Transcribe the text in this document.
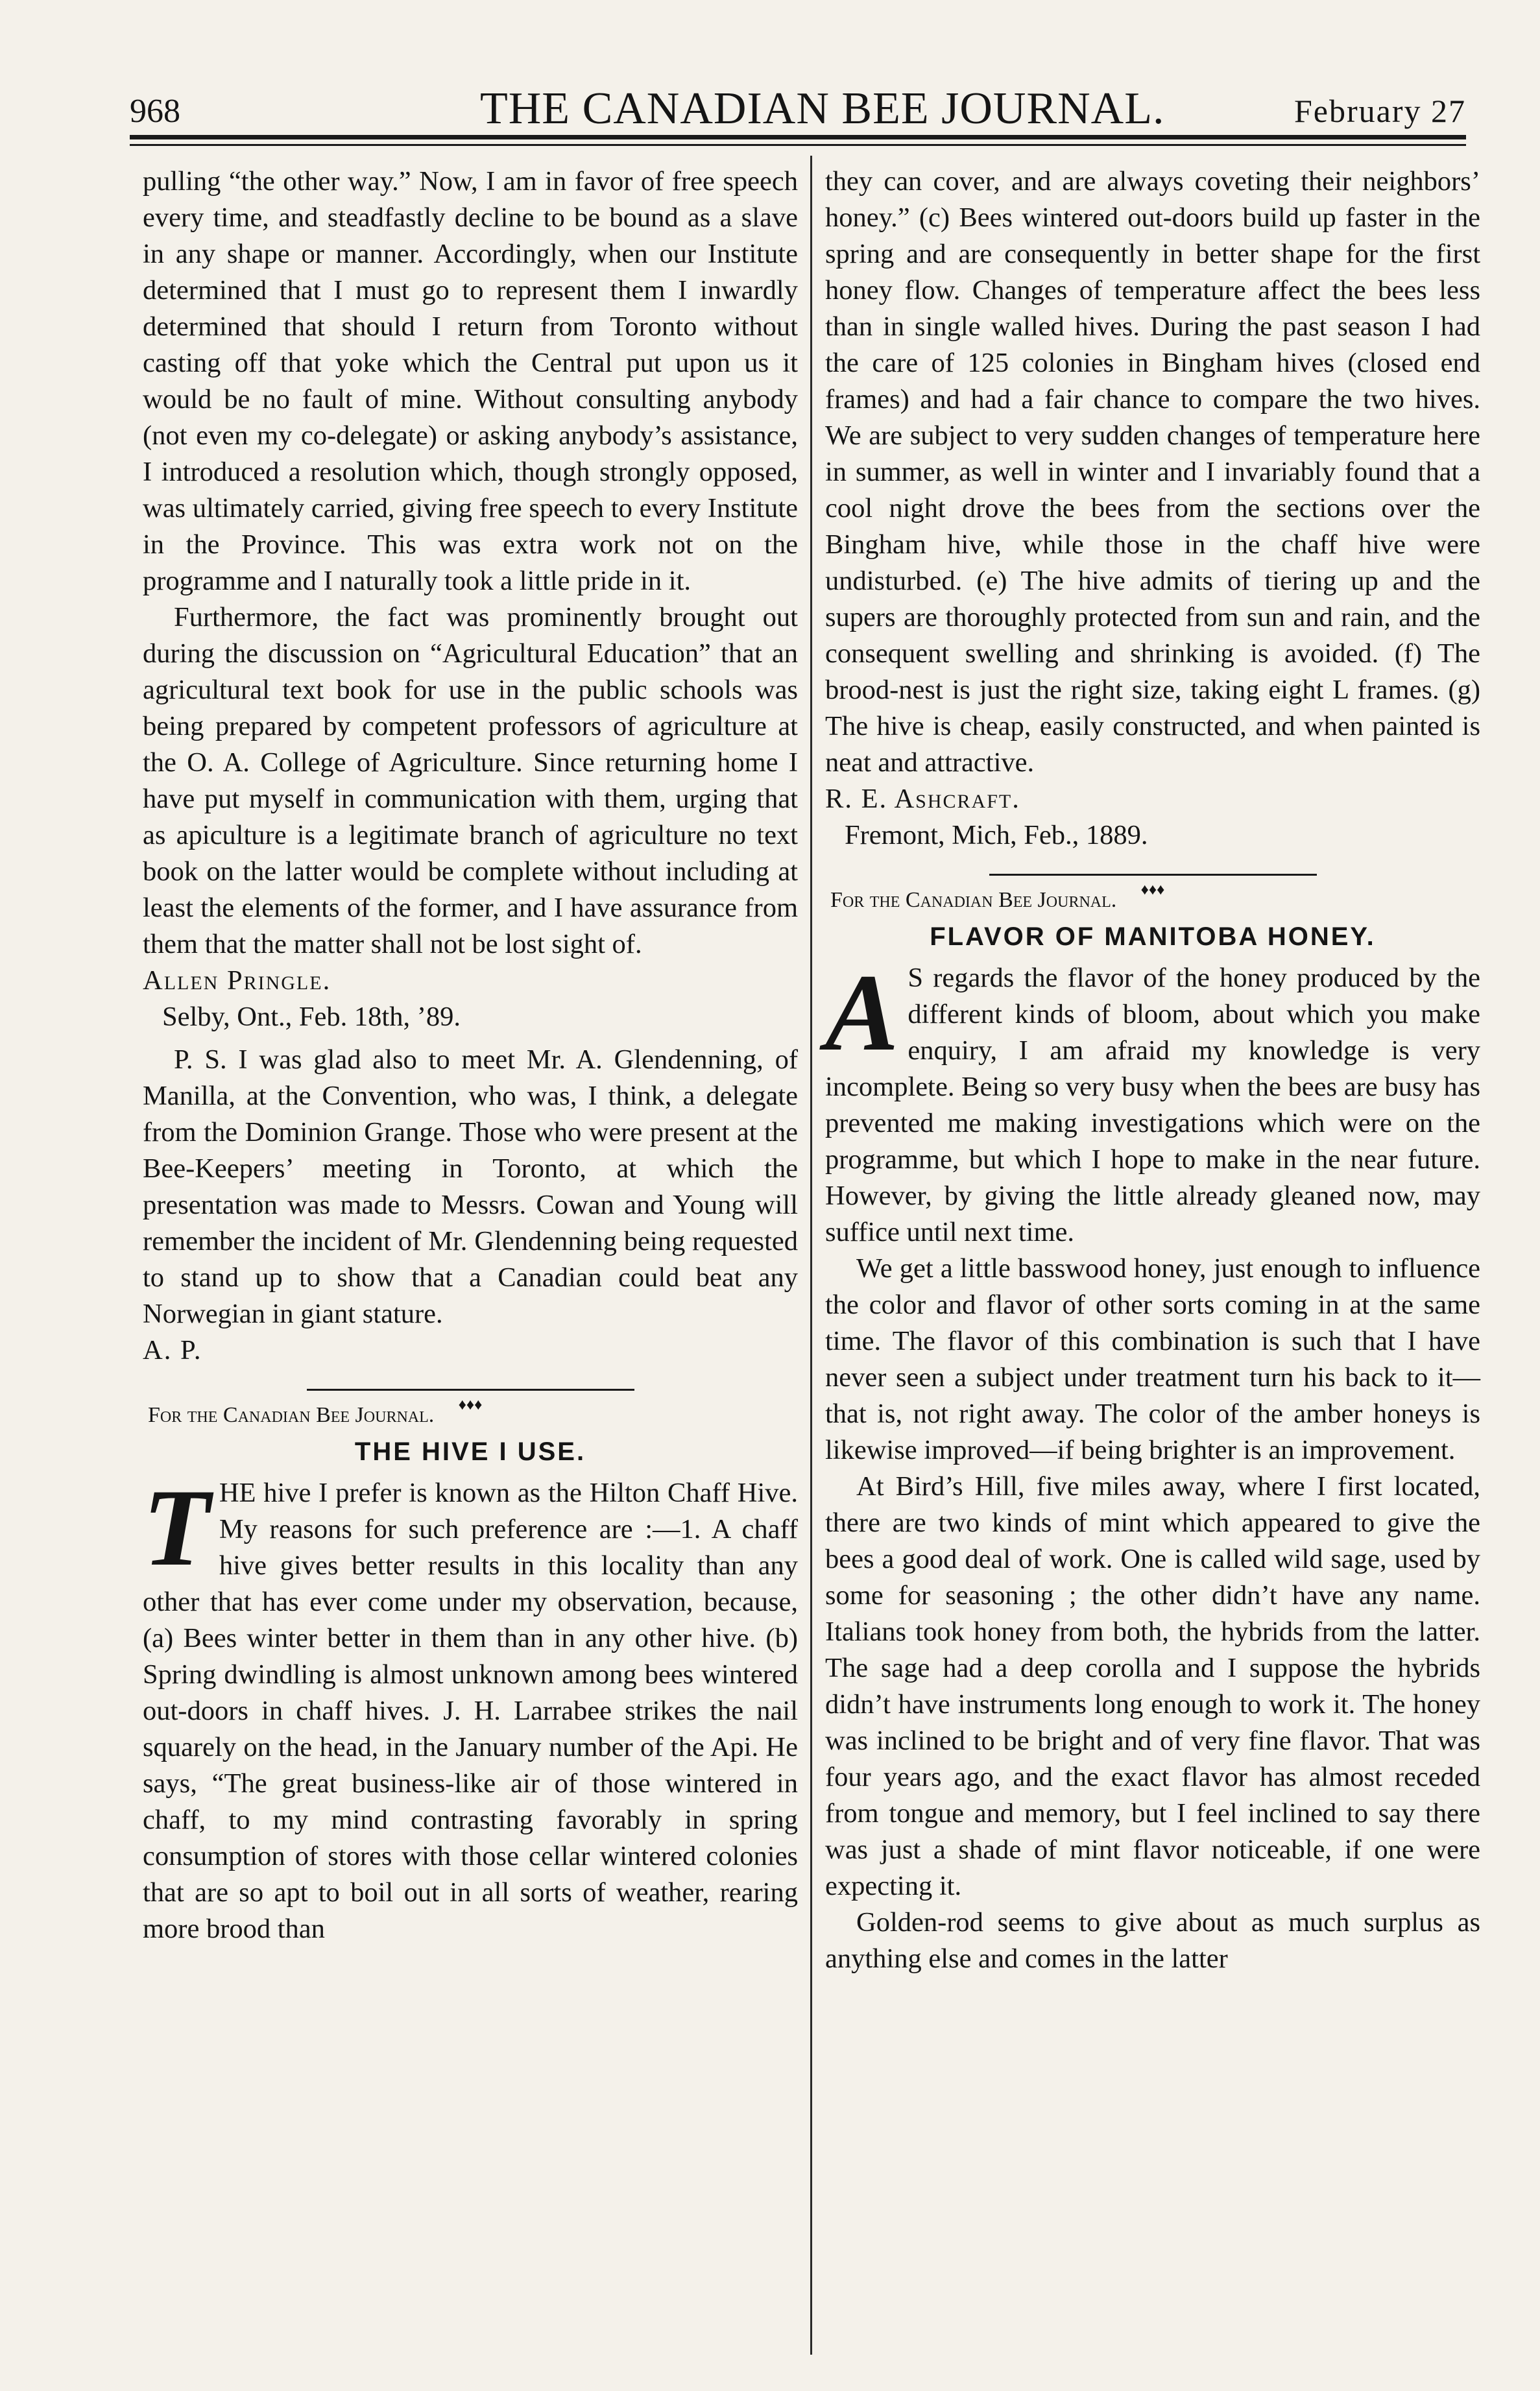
968	THE CANADIAN BEE JOURNAL.	February 27

pulling “the other way.” Now, I am in favor of free speech every time, and steadfastly decline to be bound as a slave in any shape or manner. Accordingly, when our Institute determined that I must go to represent them I inwardly determined that should I return from Toronto without casting off that yoke which the Central put upon us it would be no fault of mine. Without consulting anybody (not even my co-delegate) or asking anybody’s assistance, I introduced a resolution which, though strongly opposed, was ultimately carried, giving free speech to every Institute in the Province. This was extra work not on the programme and I naturally took a little pride in it.

Furthermore, the fact was prominently brought out during the discussion on “Agricultural Education” that an agricultural text book for use in the public schools was being prepared by competent professors of agriculture at the O. A. College of Agriculture. Since returning home I have put myself in communication with them, urging that as apiculture is a legitimate branch of agriculture no text book on the latter would be complete without including at least the elements of the former, and I have assurance from them that the matter shall not be lost sight of.

Allen Pringle.

Selby, Ont., Feb. 18th, ’89.

P. S. I was glad also to meet Mr. A. Glendenning, of Manilla, at the Convention, who was, I think, a delegate from the Dominion Grange. Those who were present at the Bee-Keepers’ meeting in Toronto, at which the presentation was made to Messrs. Cowan and Young will remember the incident of Mr. Glendenning being requested to stand up to show that a Canadian could beat any Norwegian in giant stature.

A. P.

♦♦♦

For the Canadian Bee Journal.

THE HIVE I USE.

THE hive I prefer is known as the Hilton Chaff Hive. My reasons for such preference are :—1. A chaff hive gives better results in this locality than any other that has ever come under my observation, because, (a) Bees winter better in them than in any other hive. (b) Spring dwindling is almost unknown among bees wintered out-doors in chaff hives. J. H. Larrabee strikes the nail squarely on the head, in the January number of the Api. He says, “The great business-like air of those wintered in chaff, to my mind contrasting favorably in spring consumption of stores with those cellar wintered colonies that are so apt to boil out in all sorts of weather, rearing more brood than

they can cover, and are always coveting their neighbors’ honey.” (c) Bees wintered out-doors build up faster in the spring and are consequently in better shape for the first honey flow. Changes of temperature affect the bees less than in single walled hives. During the past season I had the care of 125 colonies in Bingham hives (closed end frames) and had a fair chance to compare the two hives. We are subject to very sudden changes of temperature here in summer, as well in winter and I invariably found that a cool night drove the bees from the sections over the Bingham hive, while those in the chaff hive were undisturbed. (e) The hive admits of tiering up and the supers are thoroughly protected from sun and rain, and the consequent swelling and shrinking is avoided. (f) The brood-nest is just the right size, taking eight L frames. (g) The hive is cheap, easily constructed, and when painted is neat and attractive.

R. E. Ashcraft.

Fremont, Mich, Feb., 1889.

♦♦♦

For the Canadian Bee Journal.

FLAVOR OF MANITOBA HONEY.

A S regards the flavor of the honey produced by the different kinds of bloom, about which you make enquiry, I am afraid my knowledge is very incomplete. Being so very busy when the bees are busy has prevented me making investigations which were on the programme, but which I hope to make in the near future. However, by giving the little already gleaned now, may suffice until next time.

We get a little basswood honey, just enough to influence the color and flavor of other sorts coming in at the same time. The flavor of this combination is such that I have never seen a subject under treatment turn his back to it—that is, not right away. The color of the amber honeys is likewise improved—if being brighter is an improvement.

At Bird’s Hill, five miles away, where I first located, there are two kinds of mint which appeared to give the bees a good deal of work. One is called wild sage, used by some for seasoning ; the other didn’t have any name. Italians took honey from both, the hybrids from the latter. The sage had a deep corolla and I suppose the hybrids didn’t have instruments long enough to work it. The honey was inclined to be bright and of very fine flavor. That was four years ago, and the exact flavor has almost receded from tongue and memory, but I feel inclined to say there was just a shade of mint flavor noticeable, if one were expecting it.

Golden-rod seems to give about as much surplus as anything else and comes in the latter
